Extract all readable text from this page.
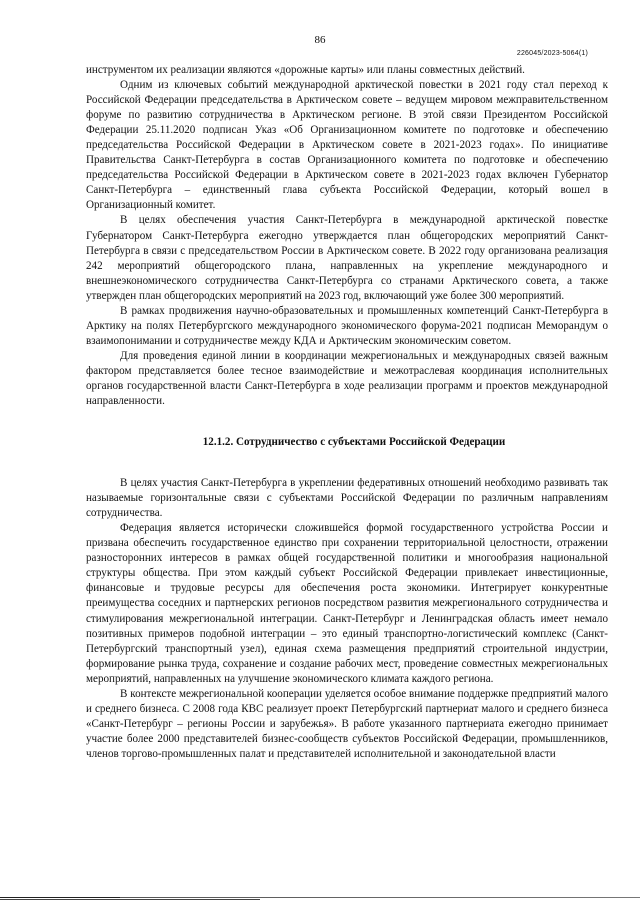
86
226045/2023-5064(1)

инструментом их реализации являются «дорожные карты» или планы совместных действий.

Одним из ключевых событий международной арктической повестки в 2021 году стал переход к Российской Федерации председательства в Арктическом совете – ведущем мировом межправительственном форуме по развитию сотрудничества в Арктическом регионе. В этой связи Президентом Российской Федерации 25.11.2020 подписан Указ «Об Организационном комитете по подготовке и обеспечению председательства Российской Федерации в Арктическом совете в 2021-2023 годах». По инициативе Правительства Санкт-Петербурга в состав Организационного комитета по подготовке и обеспечению председательства Российской Федерации в Арктическом совете в 2021-2023 годах включен Губернатор Санкт-Петербурга – единственный глава субъекта Российской Федерации, который вошел в Организационный комитет.

В целях обеспечения участия Санкт-Петербурга в международной арктической повестке Губернатором Санкт-Петербурга ежегодно утверждается план общегородских мероприятий Санкт-Петербурга в связи с председательством России в Арктическом совете. В 2022 году организована реализация 242 мероприятий общегородского плана, направленных на укрепление международного и внешнеэкономического сотрудничества Санкт-Петербурга со странами Арктического совета, а также утвержден план общегородских мероприятий на 2023 год, включающий уже более 300 мероприятий.

В рамках продвижения научно-образовательных и промышленных компетенций Санкт-Петербурга в Арктику на полях Петербургского международного экономического форума-2021 подписан Меморандум о взаимопонимании и сотрудничестве между КДА и Арктическим экономическим советом.

Для проведения единой линии в координации межрегиональных и международных связей важным фактором представляется более тесное взаимодействие и межотраслевая координация исполнительных органов государственной власти Санкт-Петербурга в ходе реализации программ и проектов международной направленности.

12.1.2. Сотрудничество с субъектами Российской Федерации

В целях участия Санкт-Петербурга в укреплении федеративных отношений необходимо развивать так называемые горизонтальные связи с субъектами Российской Федерации по различным направлениям сотрудничества.

Федерация является исторически сложившейся формой государственного устройства России и призвана обеспечить государственное единство при сохранении территориальной целостности, отражении разносторонних интересов в рамках общей государственной политики и многообразия национальной структуры общества. При этом каждый субъект Российской Федерации привлекает инвестиционные, финансовые и трудовые ресурсы для обеспечения роста экономики. Интегрирует конкурентные преимущества соседних и партнерских регионов посредством развития межрегионального сотрудничества и стимулирования межрегиональной интеграции. Санкт-Петербург и Ленинградская область имеет немало позитивных примеров подобной интеграции – это единый транспортно-логистический комплекс (Санкт-Петербургский транспортный узел), единая схема размещения предприятий строительной индустрии, формирование рынка труда, сохранение и создание рабочих мест, проведение совместных межрегиональных мероприятий, направленных на улучшение экономического климата каждого региона.

В контексте межрегиональной кооперации уделяется особое внимание поддержке предприятий малого и среднего бизнеса. С 2008 года КВС реализует проект Петербургский партнериат малого и среднего бизнеса «Санкт-Петербург – регионы России и зарубежья». В работе указанного партнериата ежегодно принимает участие более 2000 представителей бизнес-сообществ субъектов Российской Федерации, промышленников, членов торгово-промышленных палат и представителей исполнительной и законодательной власти
